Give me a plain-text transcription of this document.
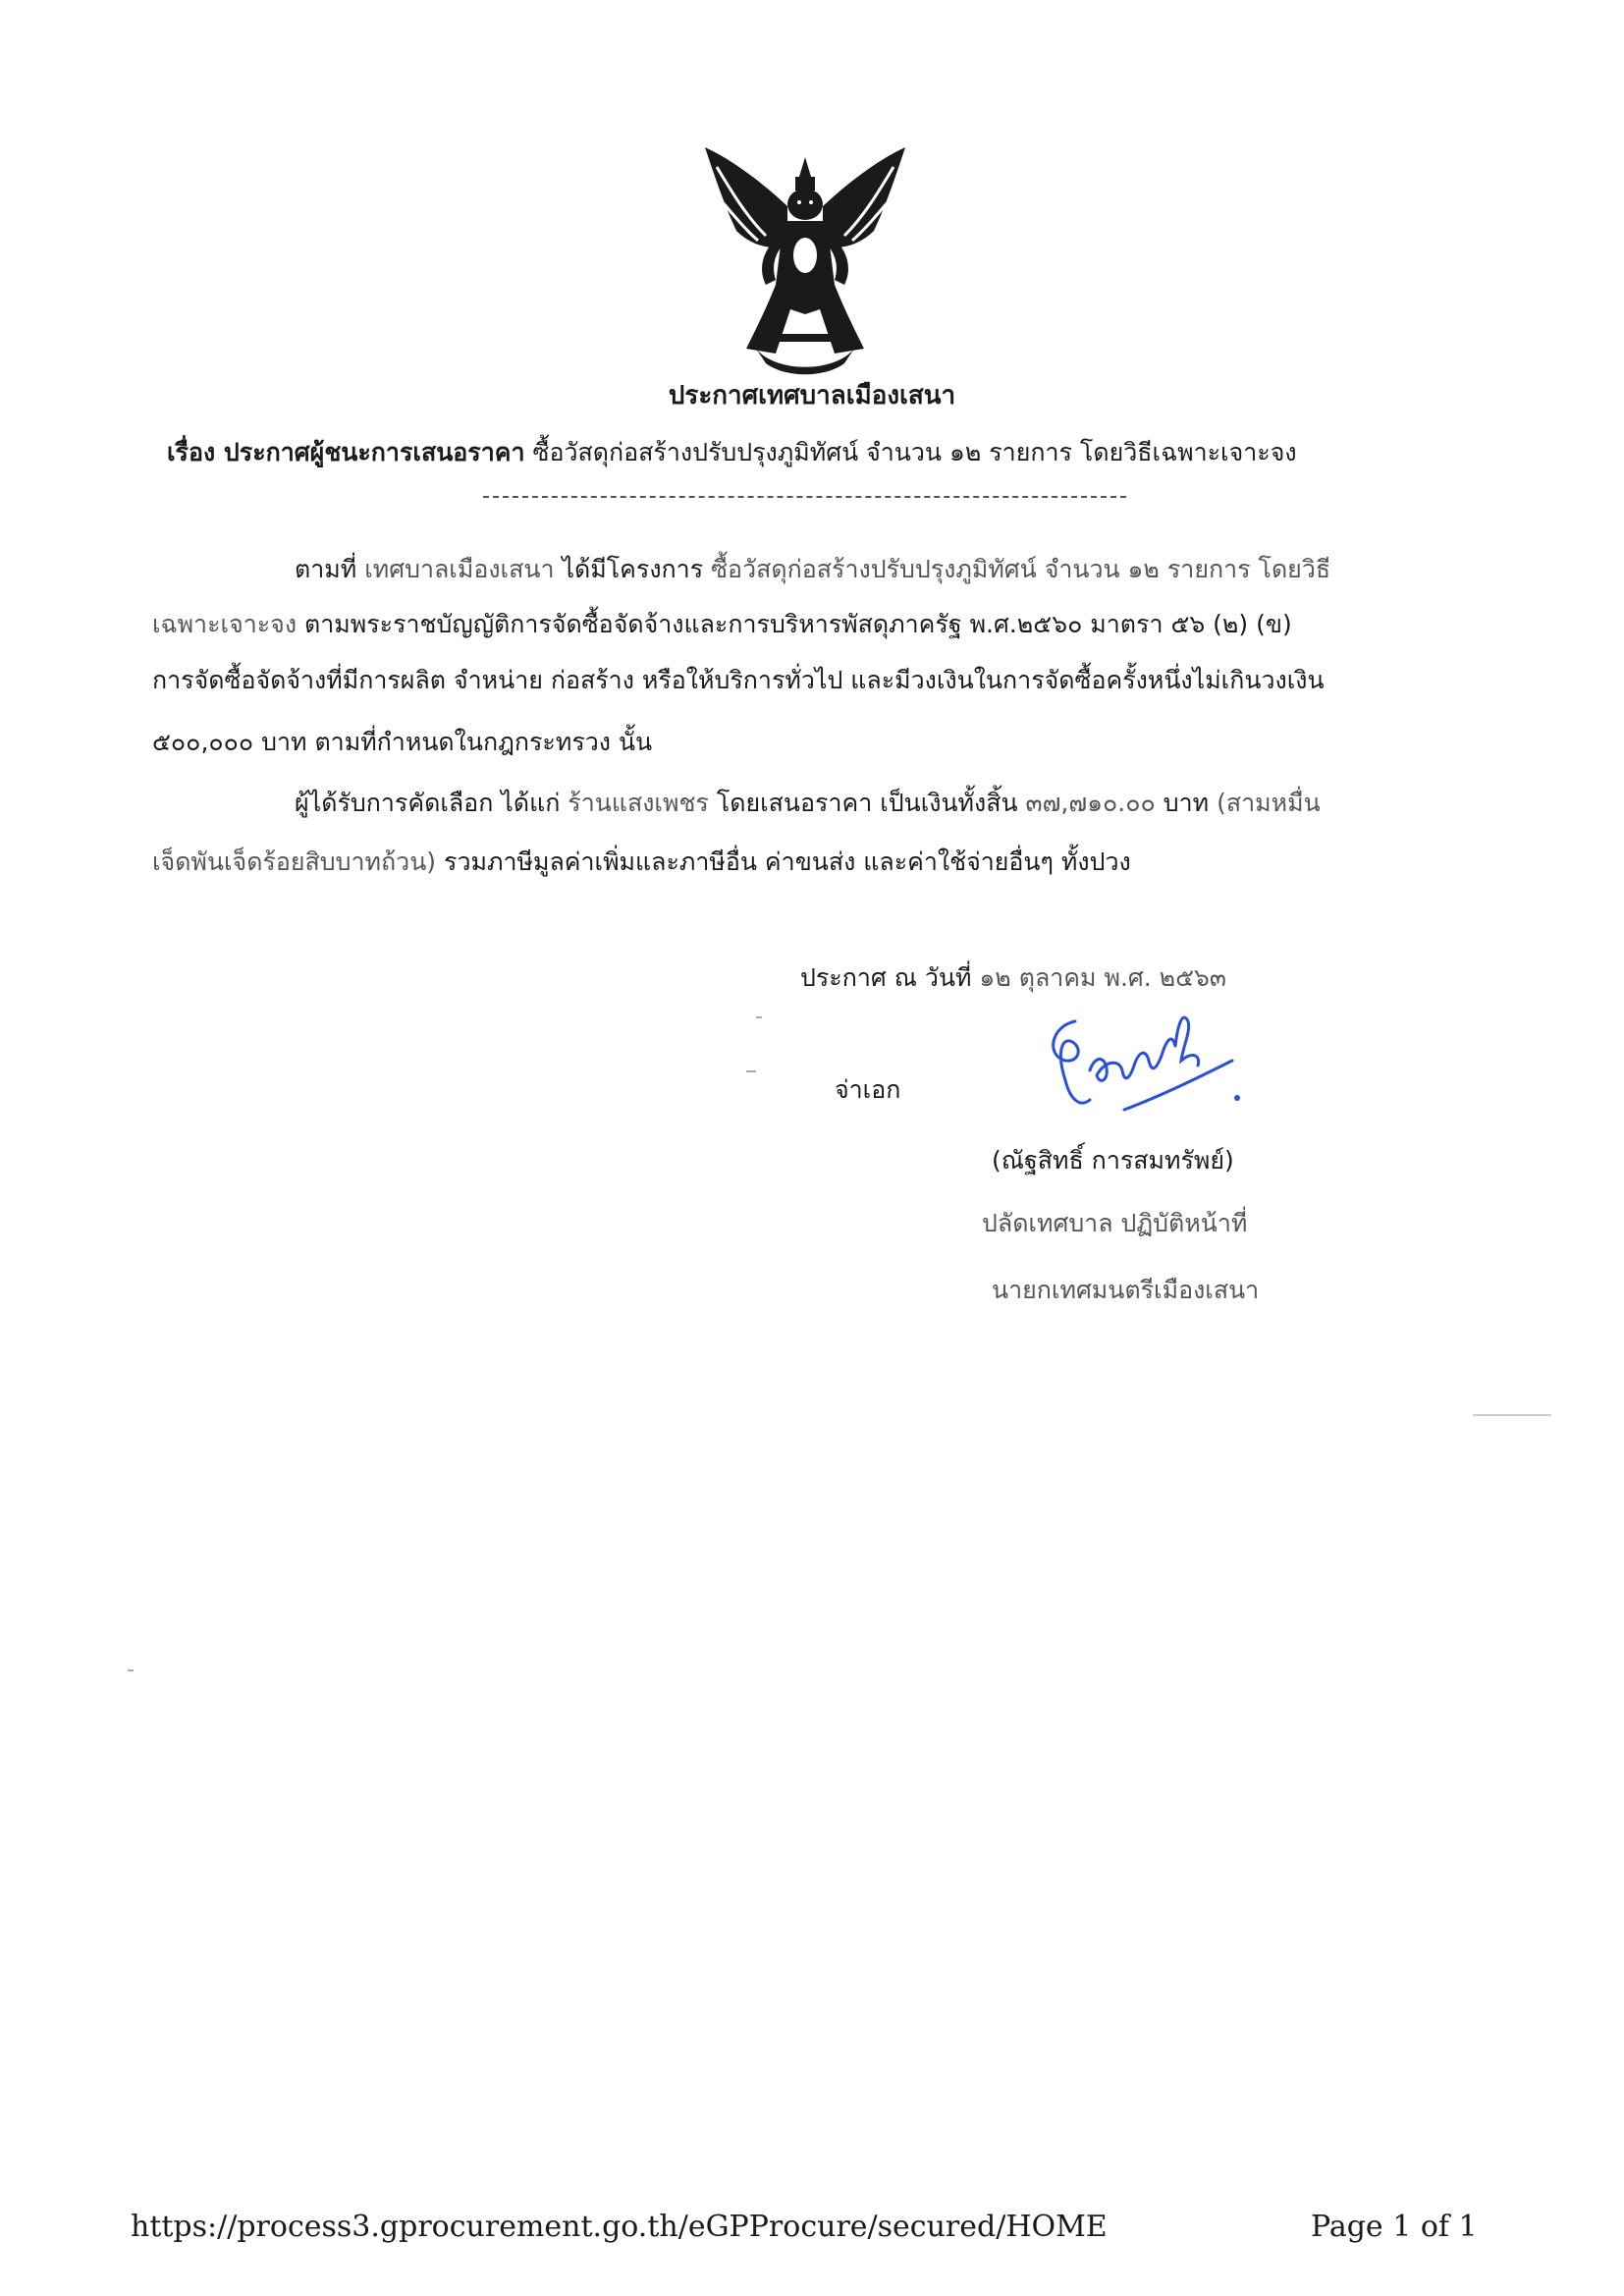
ประกาศเทศบาลเมืองเสนา
เรื่อง ประกาศผู้ชนะการเสนอราคา ซื้อวัสดุก่อสร้างปรับปรุงภูมิทัศน์ จำนวน ๑๒ รายการ โดยวิธีเฉพาะเจาะจง
ตามที่ เทศบาลเมืองเสนา ได้มีโครงการ ซื้อวัสดุก่อสร้างปรับปรุงภูมิทัศน์ จำนวน ๑๒ รายการ โดยวิธี
เฉพาะเจาะจง ตามพระราชบัญญัติการจัดซื้อจัดจ้างและการบริหารพัสดุภาครัฐ พ.ศ.๒๕๖๐ มาตรา ๕๖ (๒) (ข)
การจัดซื้อจัดจ้างที่มีการผลิต จำหน่าย ก่อสร้าง หรือให้บริการทั่วไป และมีวงเงินในการจัดซื้อครั้งหนึ่งไม่เกินวงเงิน
๕๐๐,๐๐๐ บาท ตามที่กำหนดในกฎกระทรวง นั้น
ผู้ได้รับการคัดเลือก ได้แก่ ร้านแสงเพชร โดยเสนอราคา เป็นเงินทั้งสิ้น ๓๗,๗๑๐.๐๐ บาท (สามหมื่น
เจ็ดพันเจ็ดร้อยสิบบาทถ้วน) รวมภาษีมูลค่าเพิ่มและภาษีอื่น ค่าขนส่ง และค่าใช้จ่ายอื่นๆ ทั้งปวง
ประกาศ ณ วันที่ ๑๒ ตุลาคม พ.ศ. ๒๕๖๓
จ่าเอก
(ณัฐสิทธิ์ การสมทรัพย์)
ปลัดเทศบาล ปฏิบัติหน้าที่
นายกเทศมนตรีเมืองเสนา
https://process3.gprocurement.go.th/eGPProcure/secured/HOME	Page 1 of 1
